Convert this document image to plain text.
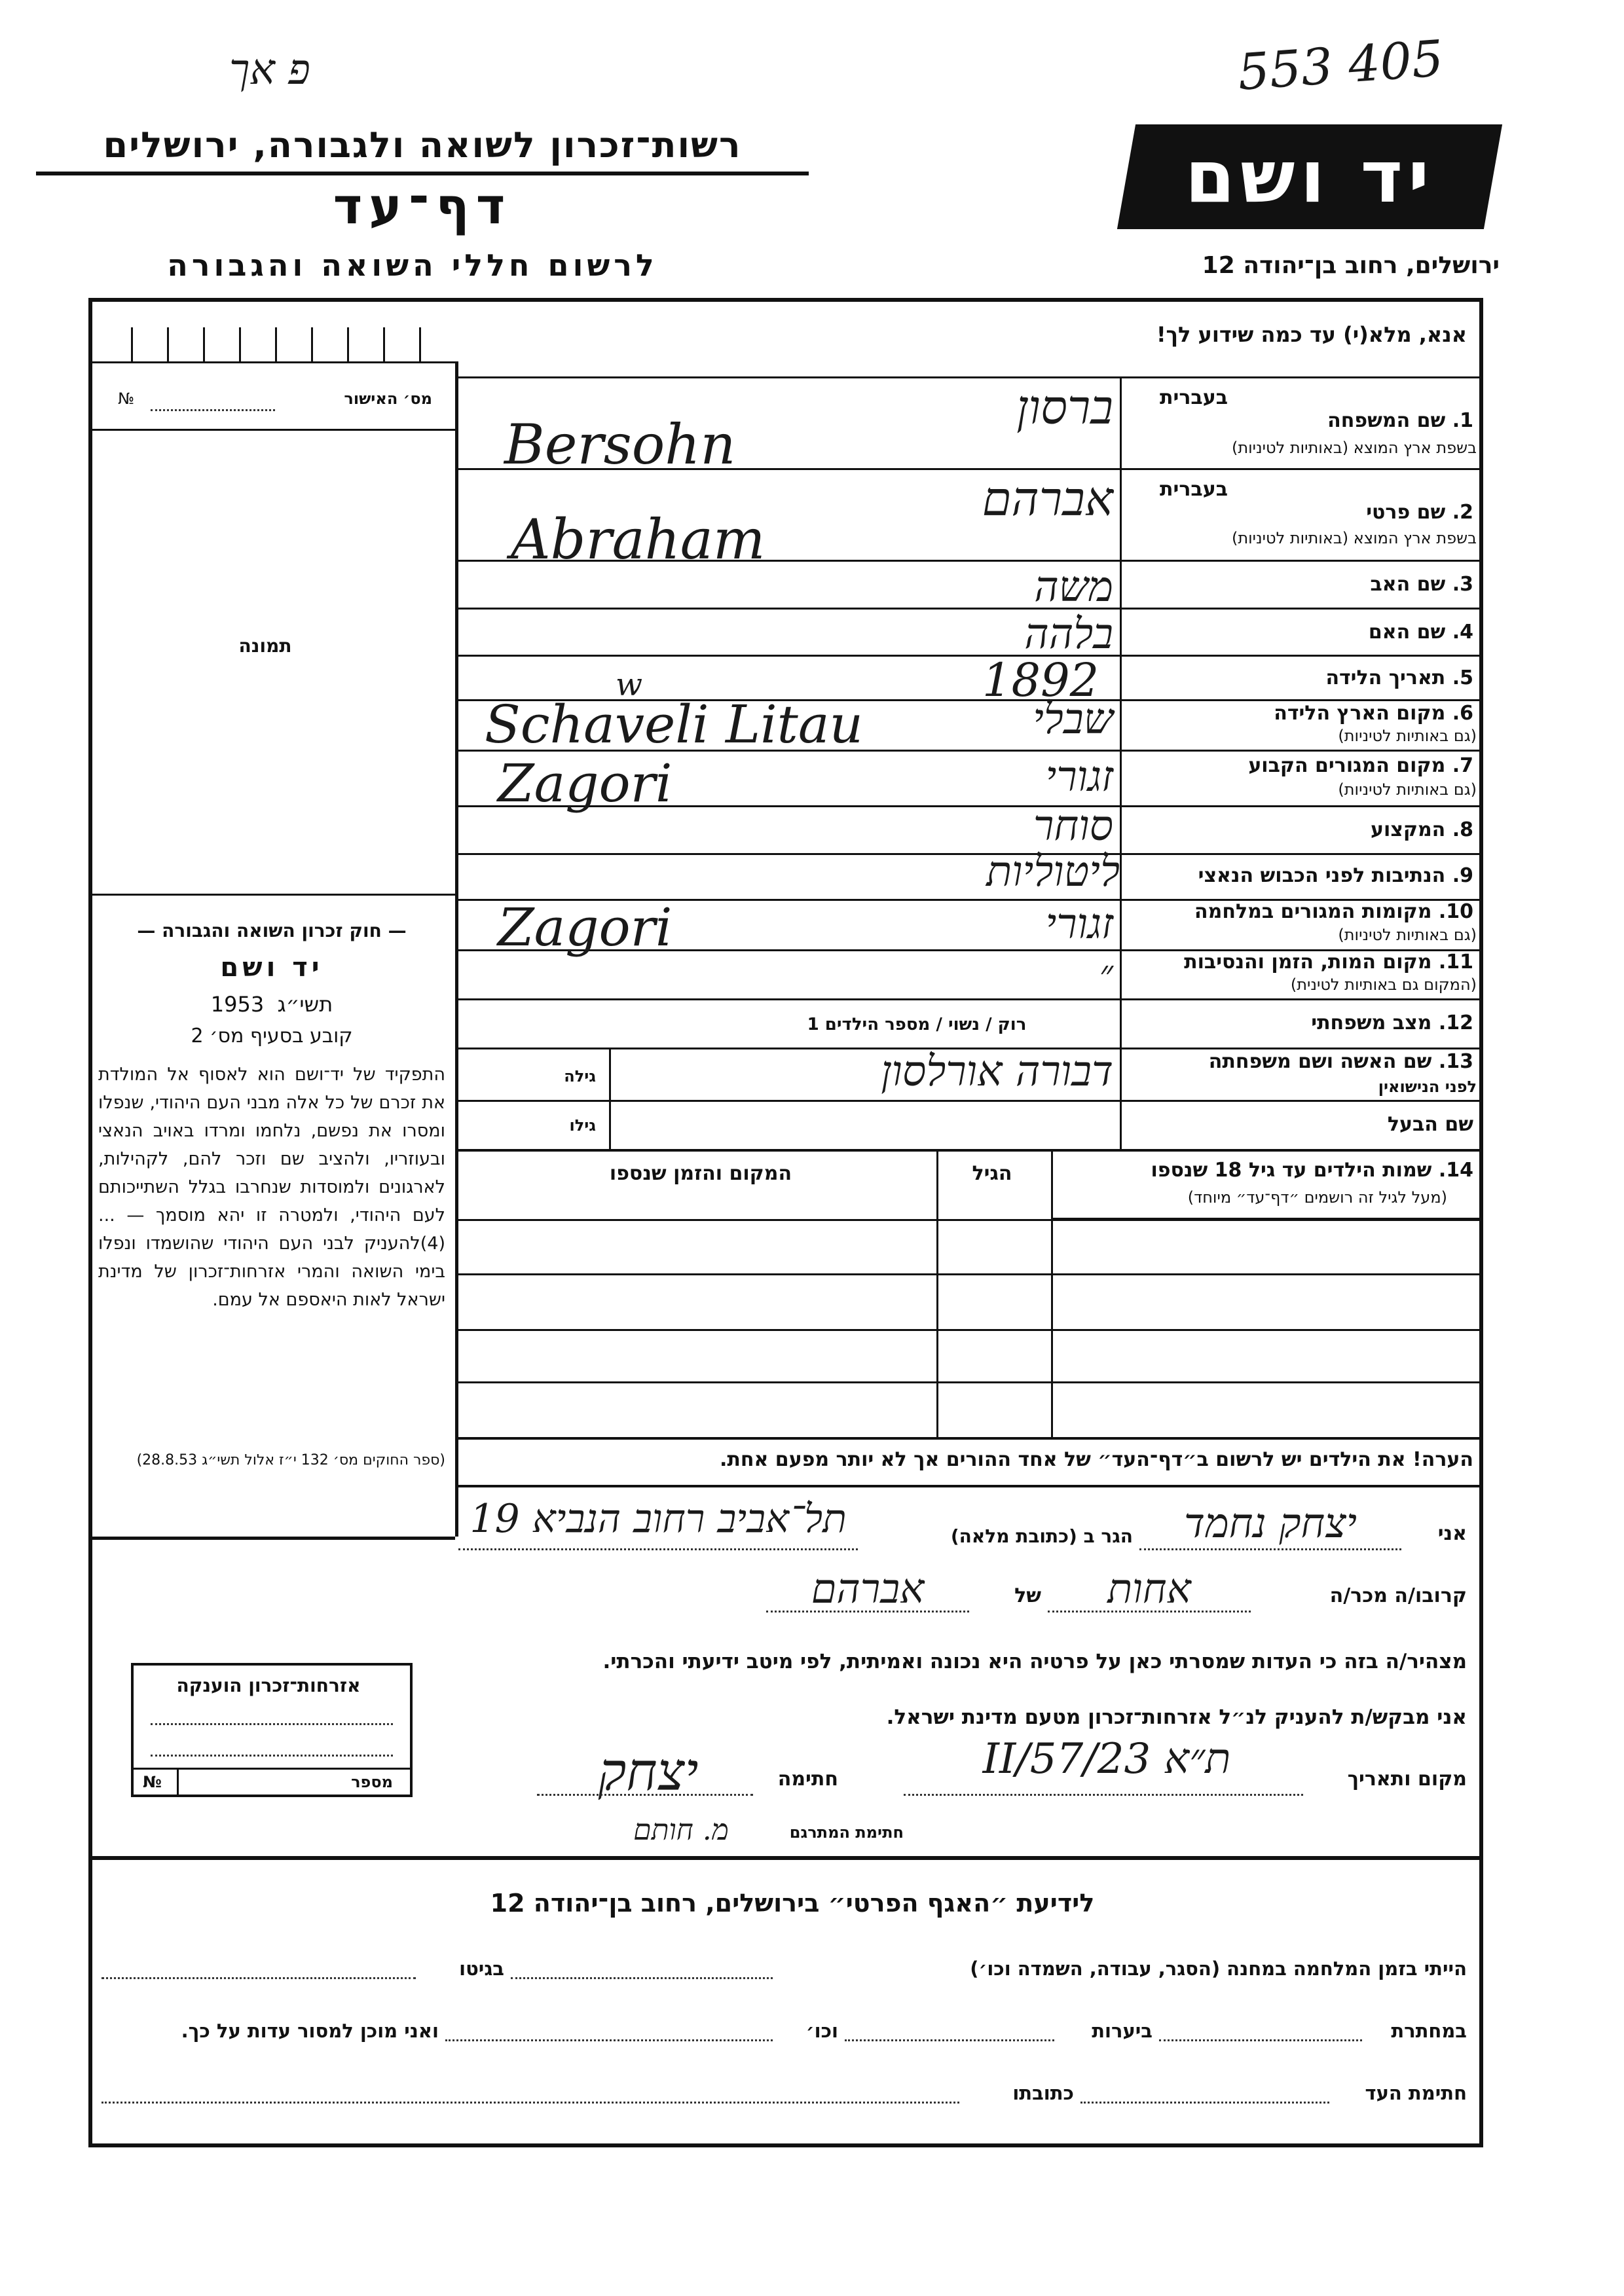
פ אך	553 405
רשות־זכרון לשואה ולגבורה, ירושלים
דף־עד
לרשום חללי השואה והגבורה
יד ושם
ירושלים, רחוב בן־יהודה 12
אנא, מלא(י) עד כמה שידוע לך!
מס׳ האישור
№
תמונה
— חוק זכרון השואה והגבורה —
יד ושם
תשי״ג  1953
קובע בסעיף מס׳ 2
התפקיד של יד־ושם הוא לאסוף אל המולדת את זכרם של כל אלה מבני העם היהודי, שנפלו ומסרו את נפשם, נלחמו ומרדו באויב הנאצי ובעוזריו, ולהציב שם וזכר להם, לקהילות, לארגונים ולמוסדות שנחרבו בגלל השתייכותם לעם היהודי, ולמטרה זו יהא מוסמך — ...(4)להעניק לבני העם היהודי שהושמדו ונפלו בימי השואה והמרי אזרחות־זכרון של מדינת ישראל לאות היאספם אל עמם.
(ספר החוקים מס׳ 132 י״ז אלול תשי״ג 28.8.53)
בעברית
1. שם המשפחה
בשפת ארץ המוצא (באותיות לטיניות)
ברסון
Bersohn
בעברית
2. שם פרטי
בשפת ארץ המוצא (באותיות לטיניות)
אברהם
Abraham
3. שם האב
משה
4. שם האם
בלהה
5. תאריך הלידה
1892
6. מקום הארץ הלידה
(גם באותיות לטיניות)
w
שבלי
Schaveli Litau
7. מקום המגורים הקבוע
(גם באותיות לטיניות)
זגורי
Zagori
8. המקצוע
סוחר
9. הנתיבות לפני הכבוש הנאצי
ליטוליות
10. מקומות המגורים במלחמה
(גם באותיות לטיניות)
זגורי
Zagori
11. מקום המות, הזמן והנסיבות
(המקום גם באותיות לטינית)
״
12. מצב משפחתי
רוק / נשוי / מספר הילדים 1
13. שם האשה ושם משפחתה
לפני הנישואין
גילה	דבורה אורלסון
שם הבעל
גילו
14. שמות הילדים עד גיל 18 שנספו
(מעל לגיל זה רושמים ״דף־עד״ מיוחד)
הגיל
המקום והזמן שנספו
הערה! את הילדים יש לרשום ב״דף־העד״ של אחד ההורים אך לא יותר מפעם אחת.
אני
יצחק נחמד
הגר ב (כתובת מלאה)
תל־אביב רחוב הנביא 19
קרובו/ה מכר/ה
אחות
של
אברהם
מצהיר/ה בזה כי העדות שמסרתי כאן על פרטיה היא נכונה ואמיתית, לפי מיטב ידיעתי והכרתי.
אני מבקש/ת להעניק לנ״ל אזרחות־זכרון מטעם מדינת ישראל.
מקום ותאריך
ת״א 23/II/57
חתימה
יצחק
חתימת המתרגם
מ. חותם
אזרחות־זכרון הוענקה
№	מספר
לידיעת ״האגף הפרטי״ בירושלים, רחוב בן־יהודה 12
הייתי בזמן המלחמה במחנה (הסגר, עבודה, השמדה וכו׳)
בגיטו
במחתרת
ביערות
וכו׳
ואני מוכן למסור עדות על כך.
חתימת העד
כתובתו
